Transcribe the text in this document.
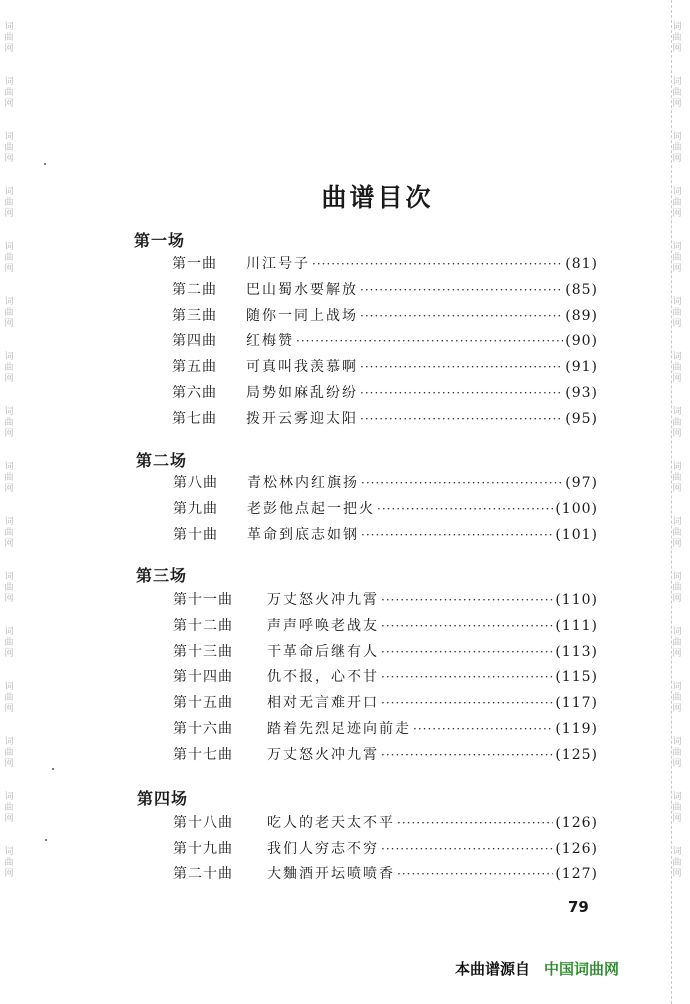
词
曲
网
词
曲
网
词
曲
网
词
曲
网
词
曲
网
词
曲
网
词
曲
网
词
曲
网
词
曲
网
词
曲
网
词
曲
网
词
曲
网
词
曲
网
词
曲
网
词
曲
网
词
曲
网
词
曲
网
词
曲
网
词
曲
网
词
曲
网
词
曲
网
词
曲
网
词
曲
网
词
曲
网
词
曲
网
词
曲
网
词
曲
网
词
曲
网
词
曲
网
词
曲
网
词
曲
网
词
曲
网
曲谱目次
第一场
第一曲	川江号子 ·····	(81)
第二曲	巴山蜀水要解放 ·····	(85)
第三曲	随你一同上战场 ·····	(89)
第四曲	红梅赞 ·····	(90)
第五曲	可真叫我羡慕啊 ·····	(91)
第六曲	局势如麻乱纷纷 ·····	(93)
第七曲	拨开云雾迎太阳 ·····	(95)
第二场
第八曲	青松林内红旗扬 ·····	(97)
第九曲	老彭他点起一把火 ·····	(100)
第十曲	革命到底志如钢 ·····	(101)
第三场
第十一曲	万丈怒火冲九霄 ·····	(110)
第十二曲	声声呼唤老战友 ·····	(111)
第十三曲	干革命后继有人 ·····	(113)
第十四曲	仇不报，心不甘 ·····	(115)
第十五曲	相对无言难开口 ·····	(117)
第十六曲	踏着先烈足迹向前走 ·····	(119)
第十七曲	万丈怒火冲九霄 ·····	(125)
第四场
第十八曲	吃人的老天太不平 ·····	(126)
第十九曲	我们人穷志不穷 ·····	(126)
第二十曲	大麯酒开坛喷喷香 ·····	(127)
79
本曲谱源自 中国词曲网
